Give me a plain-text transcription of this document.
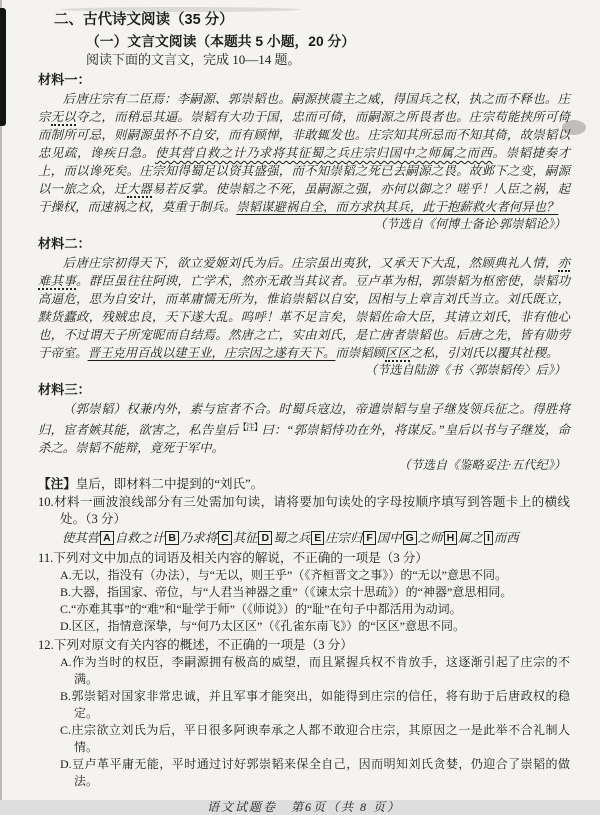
二、古代诗文阅读（35 分）
（一）文言文阅读（本题共 5 小题，20 分）
阅读下面的文言文，完成 10—14 题。
材料一：

后唐庄宗有二臣焉：李嗣源、郭崇韬也。嗣源挟震主之威，得国兵之权，执之而不释也。庄宗无以夺之，而稍忌其逼。崇韬有大功于国，忠而可倚，而嗣源之所畏者也。庄宗苟能挟所可倚而制所可忌，则嗣源虽怀不自安，而有顾惮，非敢辄发也。庄宗知其所忌而不知其倚，故崇韬以忠见疏，谗疾日急。使其营自救之计乃求将其征蜀之兵庄宗归国中之师属之而西。崇韬捷奏才上，而以谗死矣。庄宗知得蜀足以资其盛强，而不知崇韬之死已去嗣源之畏。故邺下之变，嗣源以一旅之众，迁大器易若反掌。使崇韬之不死，虽嗣源之强，亦何以御之？嗟乎！人臣之祸，起于操权，而速祸之权，莫重于制兵。崇韬谋避祸自全，而方求执其兵，此于抱薪救火者何异也？

（节选自《何博士备论·郭崇韬论》）
材料二：

后唐庄宗初得天下，欲立爱姬刘氏为后。庄宗虽出夷狄，又承天下大乱，然顾典礼人情，亦难其事。群臣虽往往阿谀，亡学术，然亦无敢当其议者。豆卢革为相，郭崇韬为枢密使，崇韬功高逼危，思为自安计，而革庸懦无所为，惟谄崇韬以自安，因相与上章言刘氏当立。刘氏既立，黩货蠹政，残贼忠良，天下遂大乱。呜呼！革不足言矣，崇韬佐命大臣，其请立刘氏，非有他心也，不过谓天子所宠昵而自结焉。然唐之亡，实由刘氏，是亡唐者崇韬也。后唐之先，皆有勋劳于帝室。晋王克用百战以建王业，庄宗因之遂有天下。而崇韬顾区区之私，引刘氏以覆其社稷。

（节选自陆游《书〈郭崇韬传〉后》）
材料三：

（郭崇韬）权兼内外，素与宦者不合。时蜀兵寇边，帝遣崇韬与皇子继岌领兵征之。得胜将归，宦者嫉其能，欲害之，私告皇后$^{【注】}$曰：“郭崇韬恃功在外，将谋反。”皇后以书与子继岌，命杀之。崇韬不能辩，竟死于军中。

（节选自《鉴略妥注·五代纪》）
【注】皇后，即材料二中提到的“刘氏”。
10.材料一画波浪线部分有三处需加句读，请将要加句读处的字母按顺序填写到答题卡上的横线处。（3 分）
使其营 A 自救之计 B 乃求将 C 其征 D 蜀之兵 E 庄宗归 F 国中 G 之师 H 属之 I 而西
11.下列对文中加点的词语及相关内容的解说，不正确的一项是（3 分）
A.无以，指没有（办法），与“无以，则王乎”（《齐桓晋文之事》）的“无以”意思不同。
B.大器，指国家、帝位，与“人君当神器之重”（《谏太宗十思疏》）的“神器”意思相同。
C.“亦难其事”的“难”和“耻学于师”（《师说》）的“耻”在句子中都活用为动词。
D.区区，指情意深挚，与“何乃太区区”（《孔雀东南飞》）的“区区”意思不同。
12.下列对原文有关内容的概述，不正确的一项是（3 分）
A.作为当时的权臣，李嗣源拥有极高的威望，而且紧握兵权不肯放手，这逐渐引起了庄宗的不满。
B.郭崇韬对国家非常忠诚，并且军事才能突出，如能得到庄宗的信任，将有助于后唐政权的稳定。
C.庄宗欲立刘氏为后，平日很多阿谀奉承之人都不敢迎合庄宗，其原因之一是此举不合礼制人情。
D.豆卢革平庸无能，平时通过讨好郭崇韬来保全自己，因而明知刘氏贪婪，仍迎合了崇韬的做法。
语文试题卷　第6页（共 8 页）
